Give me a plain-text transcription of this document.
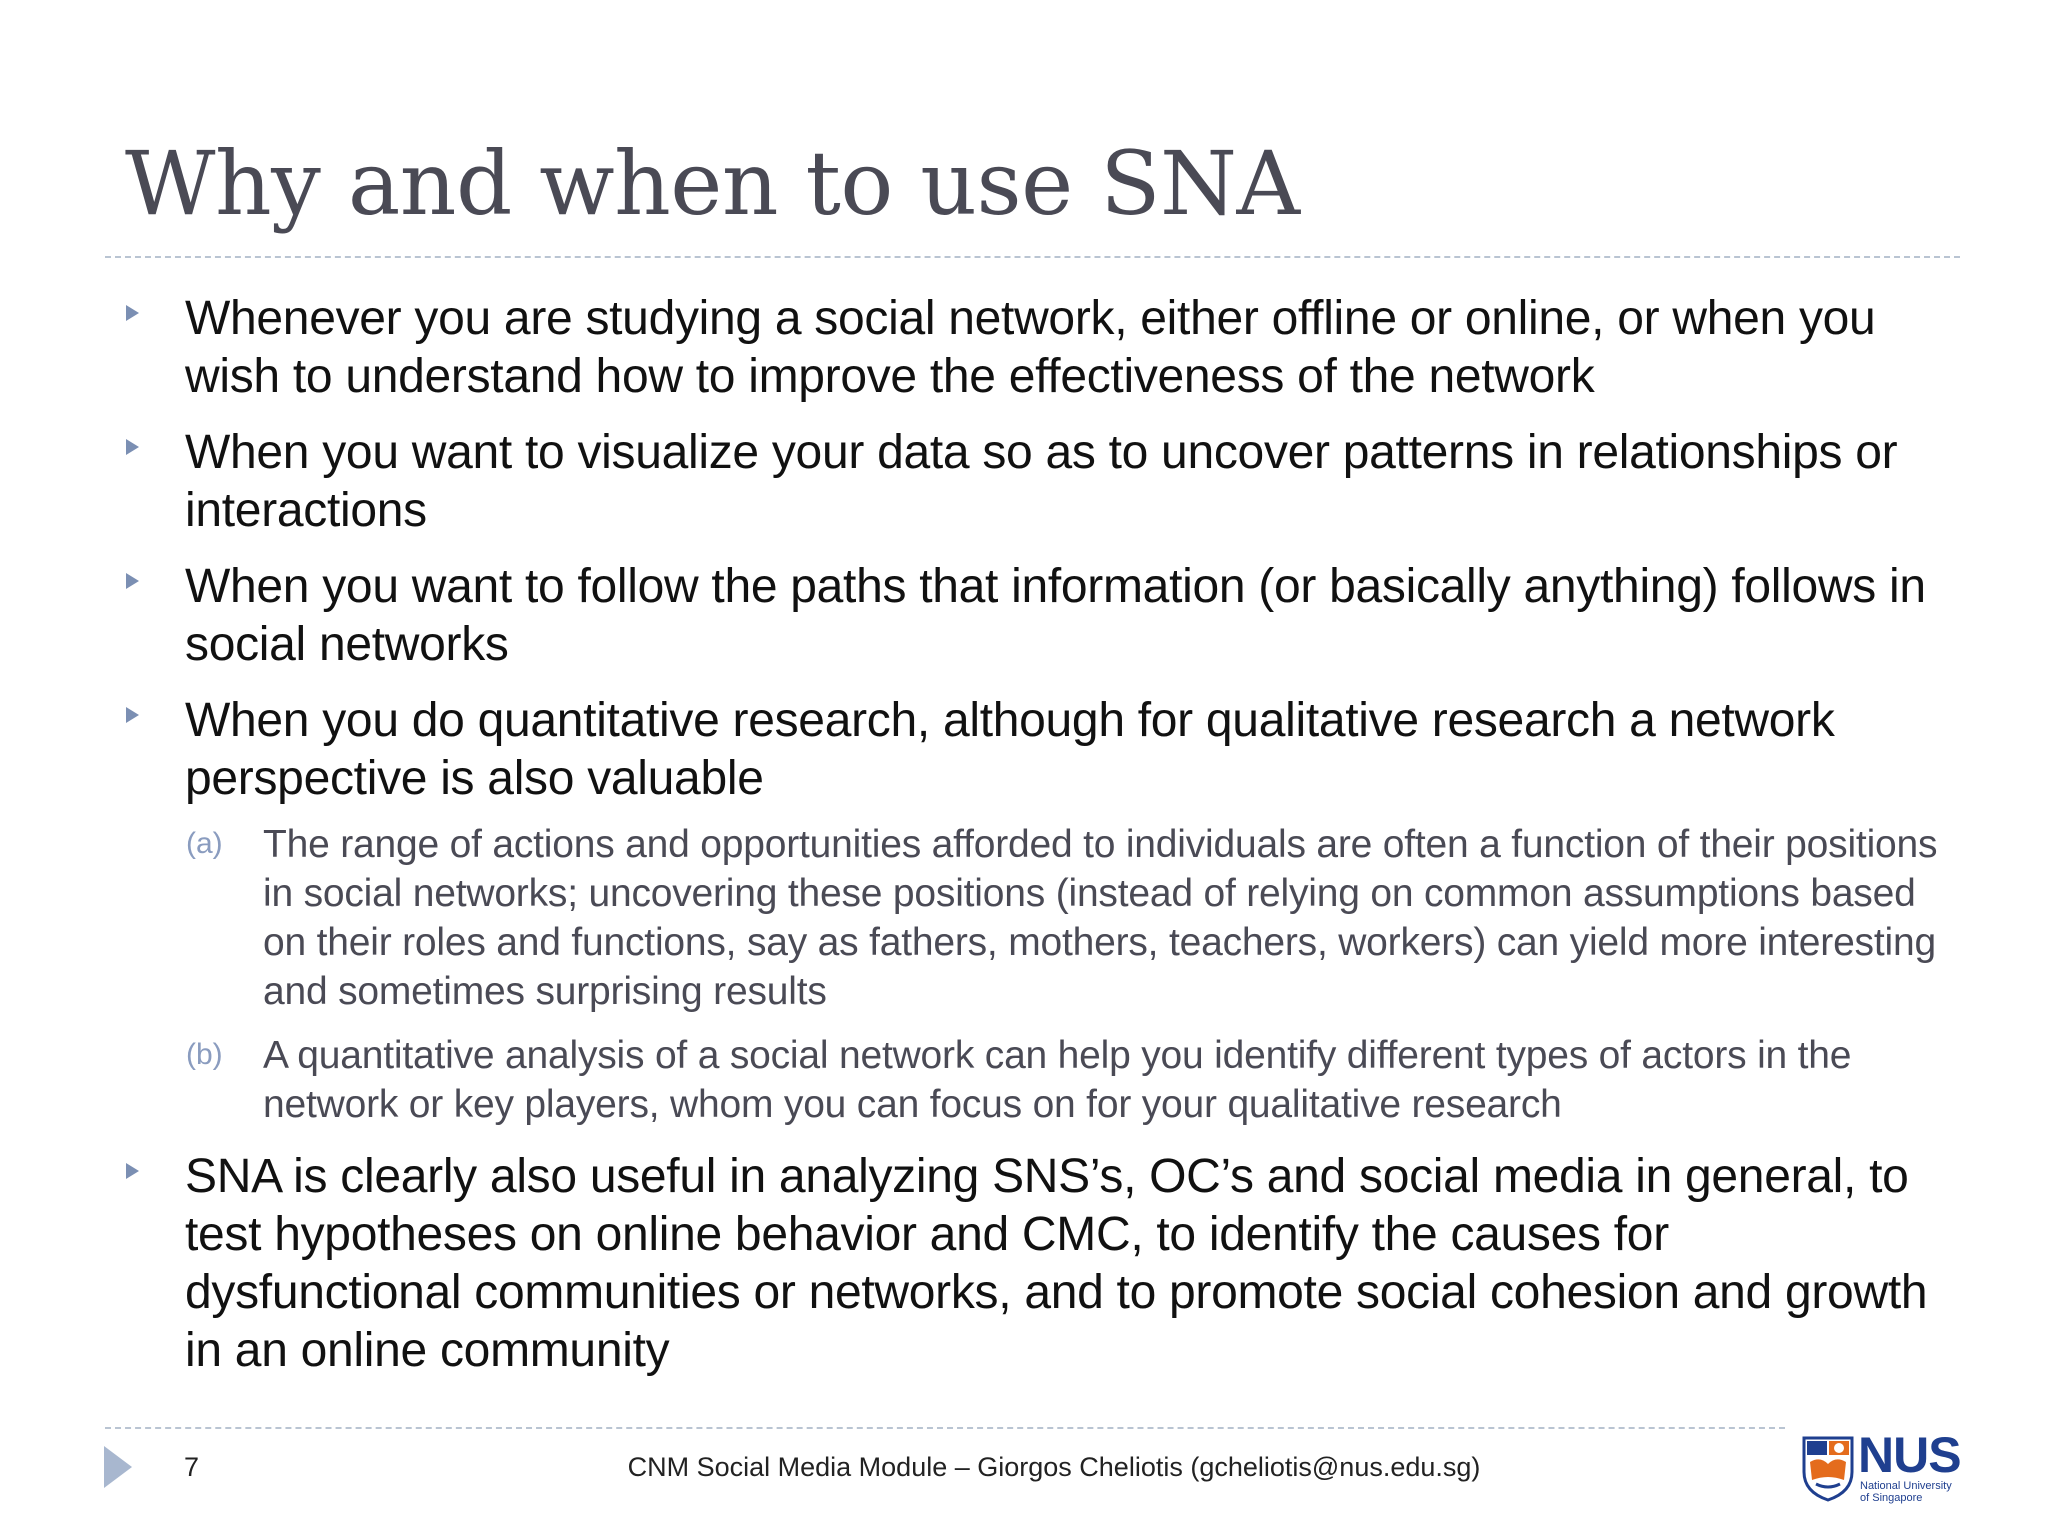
Why and when to use SNA
Whenever you are studying a social network, either offline or online, or when you wish to understand how to improve the effectiveness of the network
When you want to visualize your data so as to uncover patterns in relationships or interactions
When you want to follow the paths that information (or basically anything) follows in social networks
When you do quantitative research, although for qualitative research a network perspective is also valuable
(a) The range of actions and opportunities afforded to individuals are often a function of their positions in social networks; uncovering these positions (instead of relying on common assumptions based on their roles and functions, say as fathers, mothers, teachers, workers) can yield more interesting and sometimes surprising results
(b) A quantitative analysis of a social network can help you identify different types of actors in the network or key players, whom you can focus on for your qualitative research
SNA is clearly also useful in analyzing SNS’s, OC’s and social media in general, to test hypotheses on online behavior and CMC, to identify the causes for dysfunctional communities or networks, and to promote social cohesion and growth in an online community
7	CNM Social Media Module – Giorgos Cheliotis (gcheliotis@nus.edu.sg)	NUS
National University
of Singapore
